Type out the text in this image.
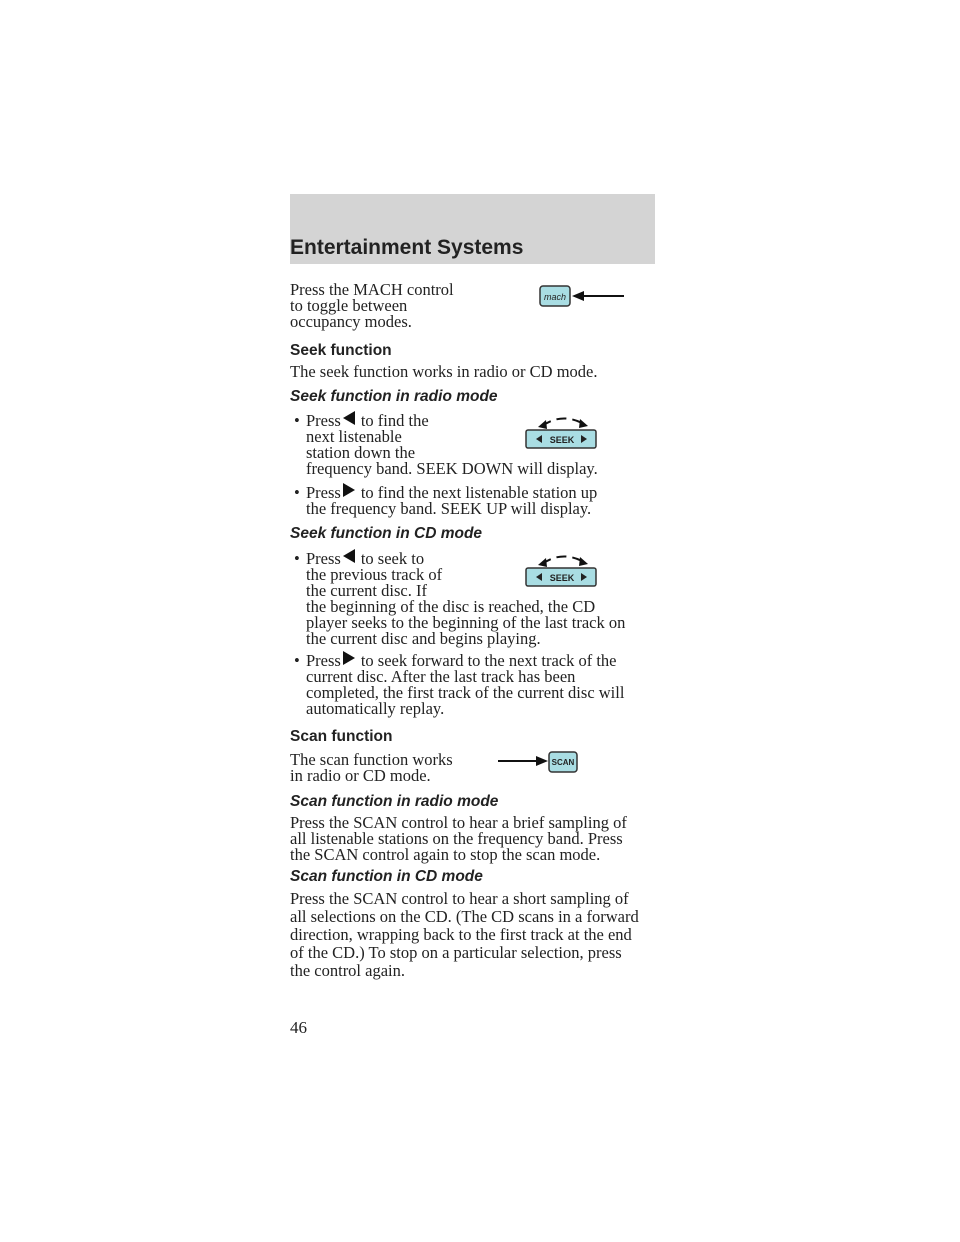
Entertainment Systems
Press the MACH control
to toggle between
occupancy modes.
mach
Seek function
The seek function works in radio or CD mode.
Seek function in radio mode
• Press to find the
next listenable
station down the
frequency band. SEEK DOWN will display.
SEEK
• Press to find the next listenable station up
the frequency band. SEEK UP will display.
Seek function in CD mode
• Press to seek to
the previous track of
the current disc. If
the beginning of the disc is reached, the CD
player seeks to the beginning of the last track on
the current disc and begins playing.
SEEK
• Press to seek forward to the next track of the
current disc. After the last track has been
completed, the first track of the current disc will
automatically replay.
Scan function
The scan function works
in radio or CD mode.
SCAN
Scan function in radio mode
Press the SCAN control to hear a brief sampling of
all listenable stations on the frequency band. Press
the SCAN control again to stop the scan mode.
Scan function in CD mode
Press the SCAN control to hear a short sampling of
all selections on the CD. (The CD scans in a forward
direction, wrapping back to the first track at the end
of the CD.) To stop on a particular selection, press
the control again.
46
